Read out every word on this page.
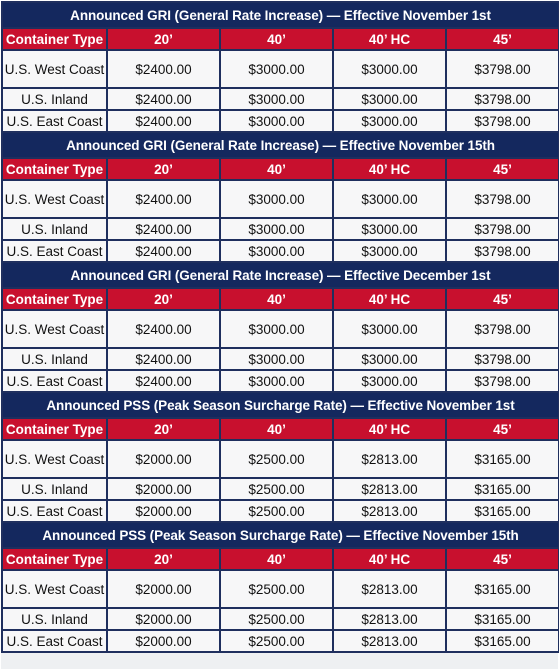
Announced GRI (General Rate Increase) — Effective November 1st				
Container Type	20’	40’	40’ HC	45’
U.S. West Coast	$2400.00	$3000.00	$3000.00	$3798.00
U.S. Inland	$2400.00	$3000.00	$3000.00	$3798.00
U.S. East Coast	$2400.00	$3000.00	$3000.00	$3798.00
Announced GRI (General Rate Increase) — Effective November 15th				
Container Type	20’	40’	40’ HC	45’
U.S. West Coast	$2400.00	$3000.00	$3000.00	$3798.00
U.S. Inland	$2400.00	$3000.00	$3000.00	$3798.00
U.S. East Coast	$2400.00	$3000.00	$3000.00	$3798.00
Announced GRI (General Rate Increase) — Effective December 1st				
Container Type	20’	40’	40’ HC	45’
U.S. West Coast	$2400.00	$3000.00	$3000.00	$3798.00
U.S. Inland	$2400.00	$3000.00	$3000.00	$3798.00
U.S. East Coast	$2400.00	$3000.00	$3000.00	$3798.00
Announced PSS (Peak Season Surcharge Rate) — Effective November 1st				
Container Type	20’	40’	40’ HC	45’
U.S. West Coast	$2000.00	$2500.00	$2813.00	$3165.00
U.S. Inland	$2000.00	$2500.00	$2813.00	$3165.00
U.S. East Coast	$2000.00	$2500.00	$2813.00	$3165.00
Announced PSS (Peak Season Surcharge Rate) — Effective November 15th				
Container Type	20’	40’	40’ HC	45’
U.S. West Coast	$2000.00	$2500.00	$2813.00	$3165.00
U.S. Inland	$2000.00	$2500.00	$2813.00	$3165.00
U.S. East Coast	$2000.00	$2500.00	$2813.00	$3165.00
